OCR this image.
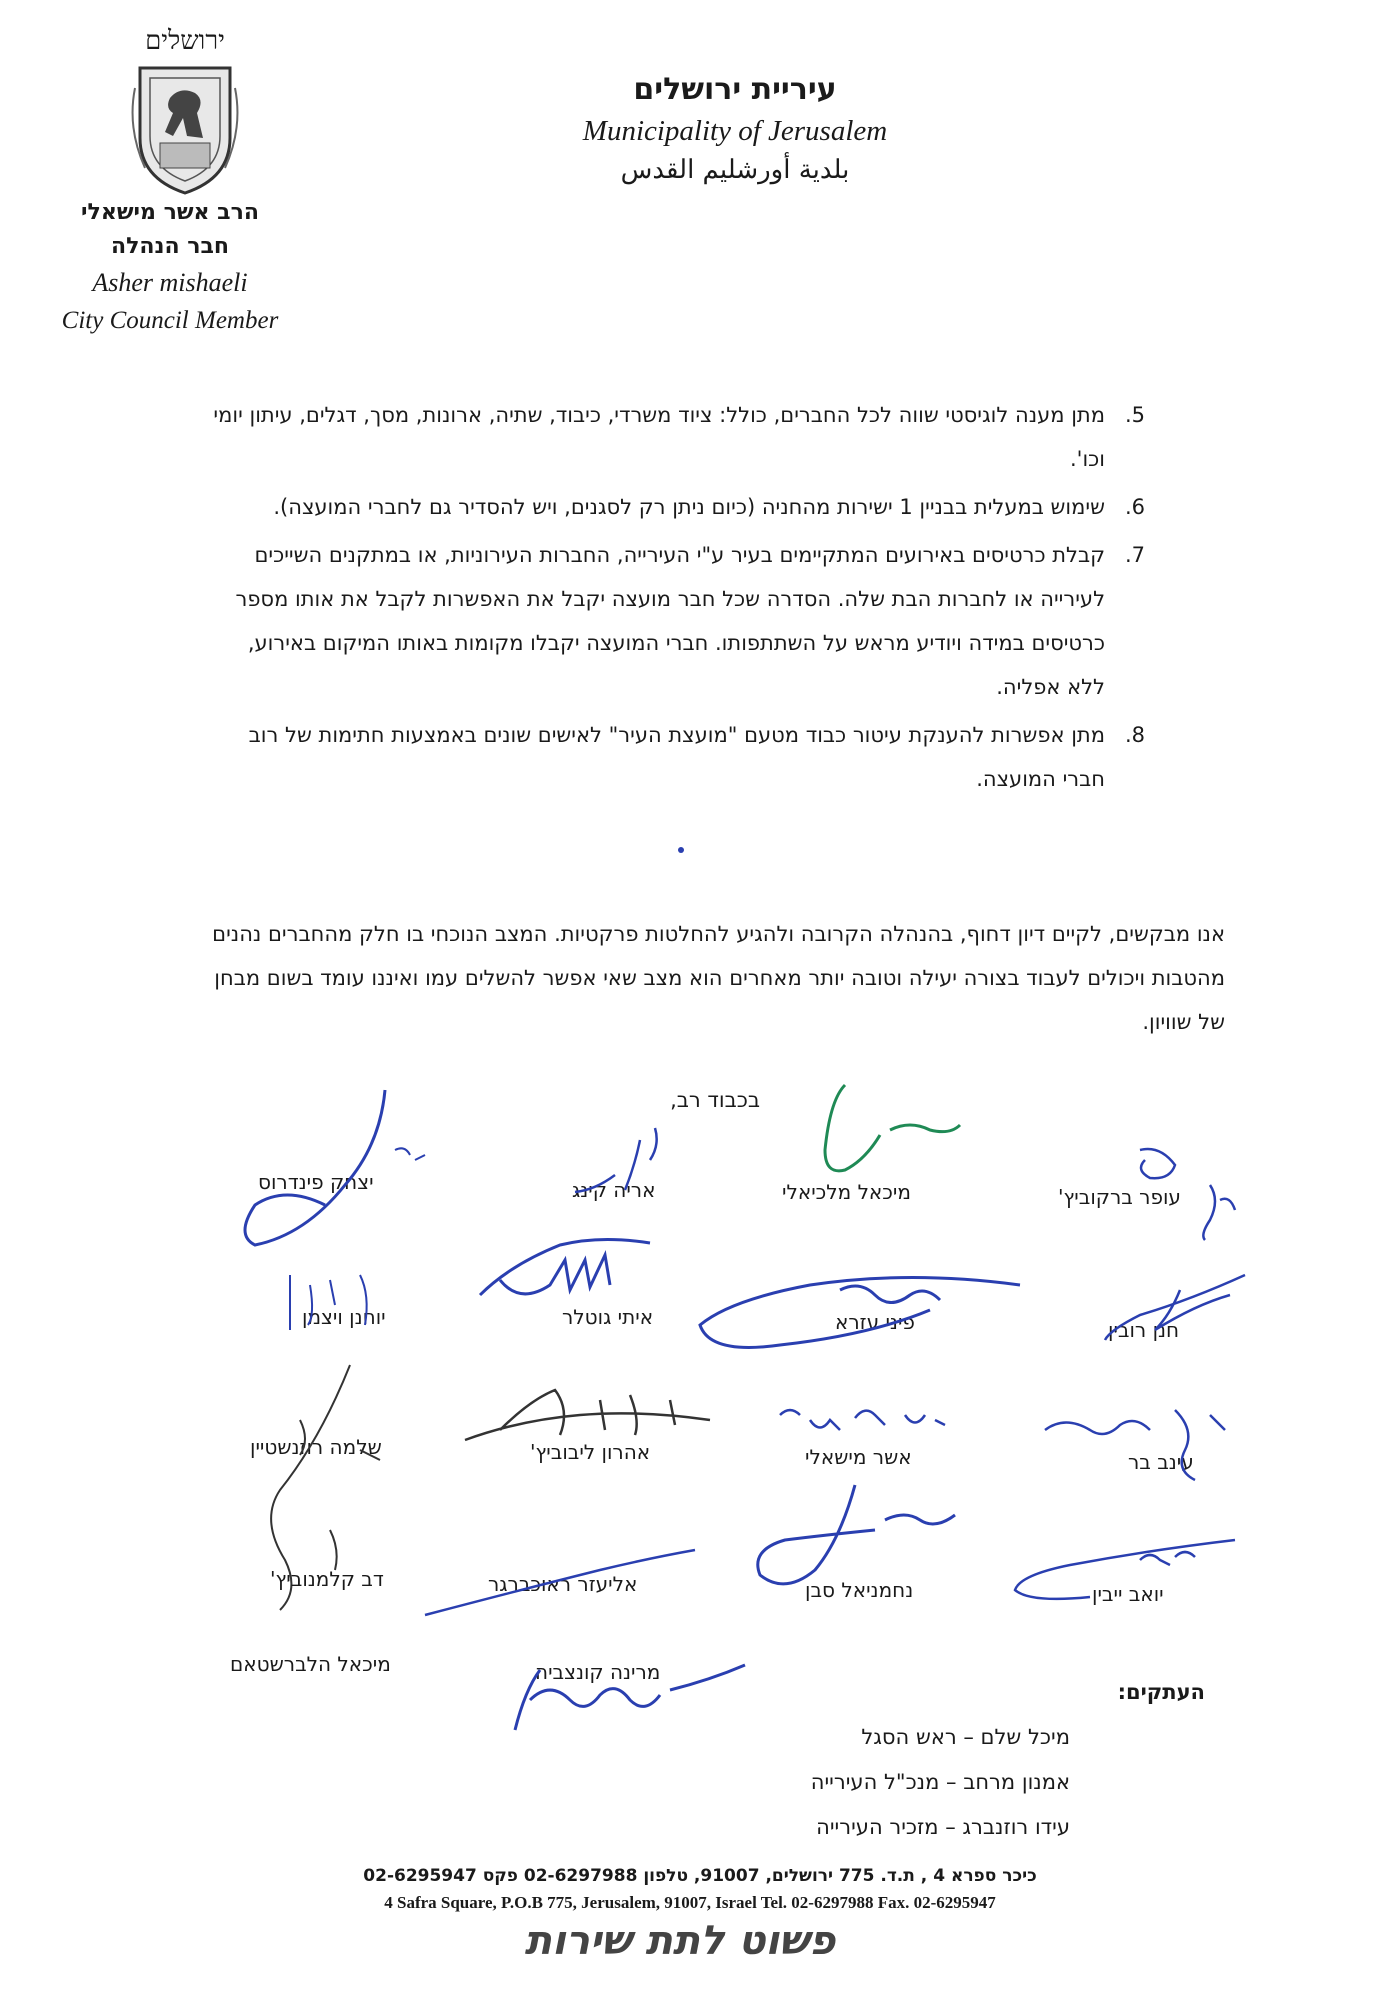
ירושלים
הרב אשר מישאלי
חבר הנהלה
Asher mishaeli
City Council Member
עיריית ירושלים
Municipality of Jerusalem
بلدية أورشليم القدس
5.
מתן מענה לוגיסטי שווה לכל החברים, כולל: ציוד משרדי, כיבוד, שתיה, ארונות, מסך, דגלים, עיתון יומי וכו'.
6.
שימוש במעלית בבניין 1 ישירות מהחניה (כיום ניתן רק לסגנים, ויש להסדיר גם לחברי המועצה).
7.
קבלת כרטיסים באירועים המתקיימים בעיר ע"י העירייה, החברות העירוניות, או במתקנים השייכים לעירייה או לחברות הבת שלה. הסדרה שכל חבר מועצה יקבל את האפשרות לקבל את אותו מספר כרטיסים במידה ויודיע מראש על השתתפותו. חברי המועצה יקבלו מקומות באותו המיקום באירוע, ללא אפליה.
8.
מתן אפשרות להענקת עיטור כבוד מטעם "מועצת העיר" לאישים שונים באמצעות חתימות של רוב חברי המועצה.
אנו מבקשים, לקיים דיון דחוף, בהנהלה הקרובה ולהגיע להחלטות פרקטיות. המצב הנוכחי בו חלק מהחברים נהנים מהטבות ויכולים לעבוד בצורה יעילה וטובה יותר מאחרים הוא מצב שאי אפשר להשלים עמו ואיננו עומד בשום מבחן של שוויון.
בכבוד רב,
יצחק פינדרוס	אריה קינג	מיכאל מלכיאלי	עופר ברקוביץ'
יוחנן ויצמן	איתי גוטלר	פיני עזרא	חנן רובין
שלמה רוזנשטיין	אהרון ליבוביץ'	אשר מישאלי	עינב בר
דב קלמנוביץ'	אליעזר ראוכברגר	נחמניאל סבן	יואב ייבין
מיכאל הלברשטאם	מרינה קונצביה
העתקים:
מיכל שלם – ראש הסגל
אמנון מרחב – מנכ"ל העירייה
עידו רוזנברג – מזכיר העירייה
כיכר ספרא 4 , ת.ד. 775 ירושלים, 91007, טלפון 02-6297988 פקס 02-6295947
4 Safra Square, P.O.B 775, Jerusalem, 91007, Israel Tel. 02-6297988 Fax. 02-6295947
פשוט לתת שירות
